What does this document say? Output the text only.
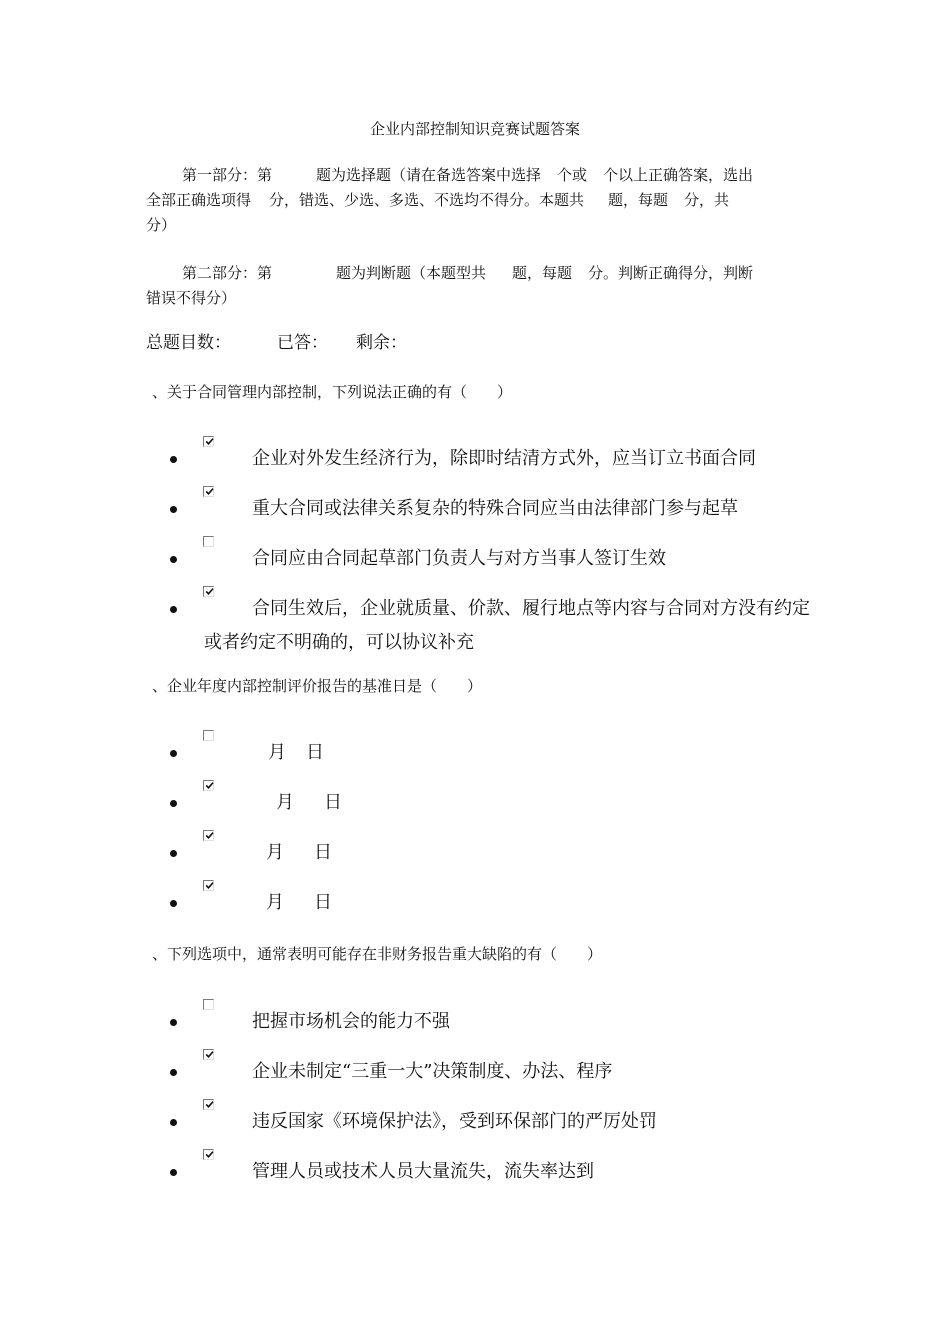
企业内部控制知识竞赛试题答案
第一部分：第	题为选择题（请在备选答案中选择 个或 个以上正确答案，选出
全部正确选项得 分，错选、少选、多选、不选均不得分。本题共 题，每题 分，共
分）
第二部分：第	题为判断题（本题型共 题，每题 分。判断正确得分，判断
错误不得分）
总题目数：	已答： 剩余：
、关于合同管理内部控制，下列说法正确的有（　　）
企业对外发生经济行为，除即时结清方式外，应当订立书面合同
重大合同或法律关系复杂的特殊合同应当由法律部门参与起草
合同应由合同起草部门负责人与对方当事人签订生效
合同生效后，企业就质量、价款、履行地点等内容与合同对方没有约定或者约定不明确的，可以协议补充
、企业年度内部控制评价报告的基准日是（　　）
月 日
月 日
月 日
月 日
、下列选项中，通常表明可能存在非财务报告重大缺陷的有（　　）
把握市场机会的能力不强
企业未制定“三重一大”决策制度、办法、程序
违反国家《环境保护法》，受到环保部门的严厉处罚
管理人员或技术人员大量流失，流失率达到
